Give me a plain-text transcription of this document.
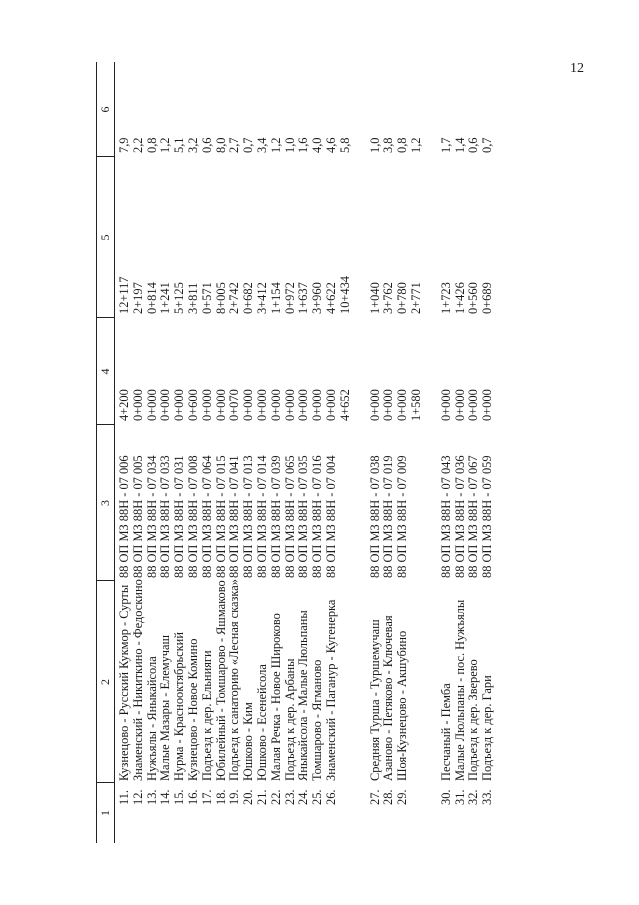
12
1
2
3
4
5
6
11.
Кузнецово - Русский Кукмор - Сурты
88 ОП МЗ 88Н - 07 006
4+200
12+117
7,9
12.
Знаменский - Никиткино - Федоскино
88 ОП МЗ 88Н - 07 005
0+000
2+197
2,2
13.
Нужъялы - Яныкайсола
88 ОП МЗ 88Н - 07 034
0+000
0+814
0,8
14.
Малые Мазары - Елемучаш
88 ОП МЗ 88Н - 07 033
0+000
1+241
1,2
15.
Нурма - Краснооктябрьский
88 ОП МЗ 88Н - 07 031
0+000
5+125
5,1
16.
Кузнецово - Новое Комино
88 ОП МЗ 88Н - 07 008
0+600
3+811
3,2
17.
Подъезд к дер. Ельнияги
88 ОП МЗ 88Н - 07 064
0+000
0+571
0,6
18.
Юбилейный - Томшарово - Яшмаково
88 ОП МЗ 88Н - 07 015
0+000
8+005
8,0
19.
Подъезд к санаторию «Лесная сказка»
88 ОП МЗ 88Н - 07 041
0+070
2+742
2,7
20.
Юшково - Ким
88 ОП МЗ 88Н - 07 013
0+000
0+682
0,7
21.
Юшково - Есенейсола
88 ОП МЗ 88Н - 07 014
0+000
3+412
3,4
22.
Малая Речка - Новое Широково
88 ОП МЗ 88Н - 07 039
0+000
1+154
1,2
23.
Подъезд к дер. Арбаны
88 ОП МЗ 88Н - 07 065
0+000
0+972
1,0
24.
Яныкайсола - Малые Люльпаны
88 ОП МЗ 88Н - 07 035
0+000
1+637
1,6
25.
Томшарово - Ягманово
88 ОП МЗ 88Н - 07 016
0+000
3+960
4,0
26.
Знаменский - Пагануp - Кугенерка
88 ОП МЗ 88Н - 07 004
0+000
4+622
4,6
4+652
10+434
5,8
27.
Средняя Турша - Туршемучаш
88 ОП МЗ 88Н - 07 038
0+000
1+040
1,0
28.
Азаново - Петяково - Ключевая
88 ОП МЗ 88Н - 07 019
0+000
3+762
3,8
29.
Шоя-Кузнецово - Акшубино
88 ОП МЗ 88Н - 07 009
0+000
0+780
0,8
1+580
2+771
1,2
30.
Песчаный - Пемба
88 ОП МЗ 88Н - 07 043
0+000
1+723
1,7
31.
Малые Люльпаны - пос. Нужъялы
88 ОП МЗ 88Н - 07 036
0+000
1+426
1,4
32.
Подъезд к дер. Зверево
88 ОП МЗ 88Н - 07 067
0+000
0+560
0,6
33.
Подъезд к дер. Гари
88 ОП МЗ 88Н - 07 059
0+000
0+689
0,7
